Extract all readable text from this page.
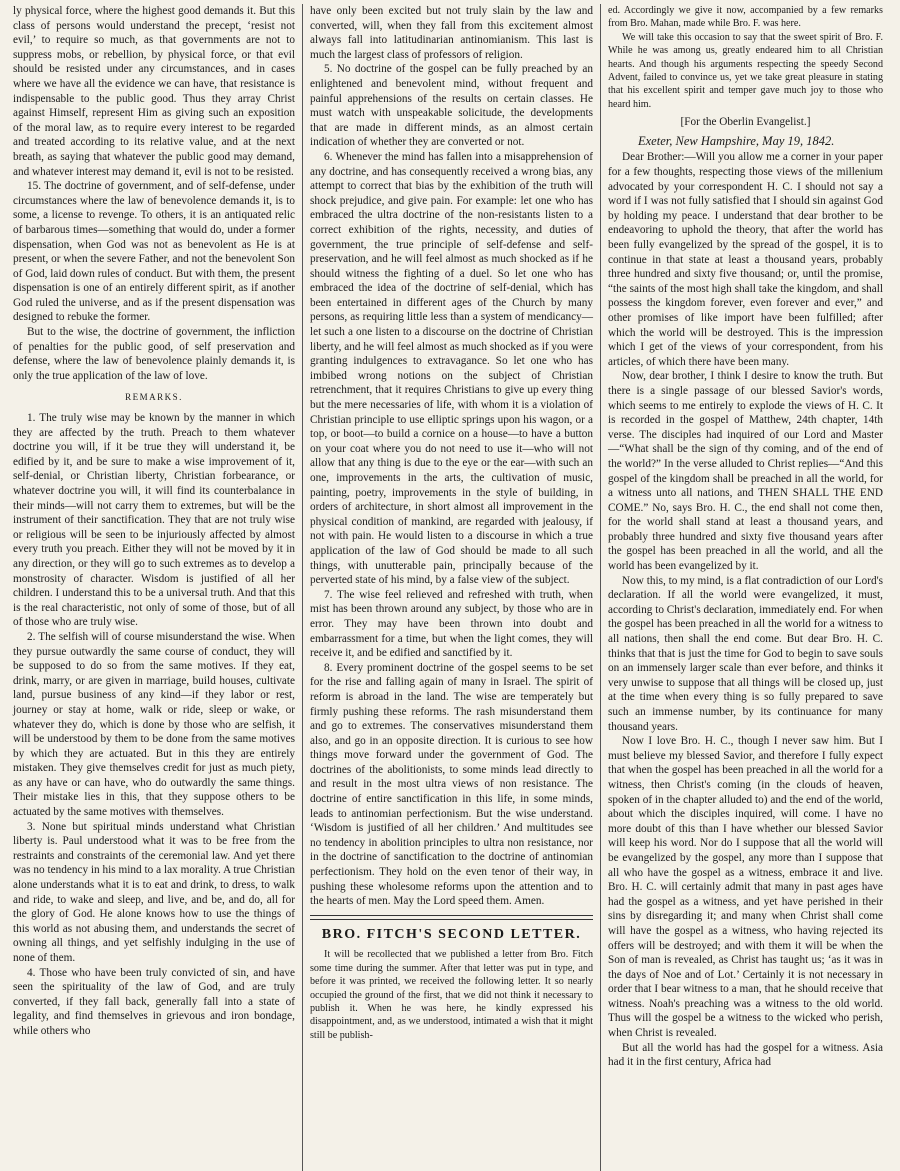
ly physical force, where the highest good demands it. But this class of persons would understand the precept, ‘resist not evil,’ to require so much, as that governments are not to suppress mobs, or rebellion, by physical force, or that evil should be resisted under any circumstances, and in cases where we have all the evidence we can have, that resistance is indispensable to the public good. Thus they array Christ against Himself, represent Him as giving such an exposition of the moral law, as to require every interest to be regarded and treated according to its relative value, and at the next breath, as saying that whatever the public good may demand, and whatever interest may demand it, evil is not to be resisted.

15. The doctrine of government, and of self-defense, under circumstances where the law of benevolence demands it, is to some, a license to revenge. To others, it is an antiquated relic of barbarous times—something that would do, under a former dispensation, when God was not as benevolent as He is at present, or when the severe Father, and not the benevolent Son of God, laid down rules of conduct. But with them, the present dispensation is one of an entirely different spirit, as if another God ruled the universe, and as if the present dispensation was designed to rebuke the former.

But to the wise, the doctrine of government, the infliction of penalties for the public good, of self preservation and defense, where the law of benevolence plainly demands it, is only the true application of the law of love.

REMARKS.

1. The truly wise may be known by the manner in which they are affected by the truth. Preach to them whatever doctrine you will, if it be true they will understand it, be edified by it, and be sure to make a wise improvement of it, self-denial, or Christian liberty, Christian forbearance, or whatever doctrine you will, it will find its counterbalance in their minds—will not carry them to extremes, but will be the instrument of their sanctification. They that are not truly wise or religious will be seen to be injuriously affected by almost every truth you preach. Either they will not be moved by it in any direction, or they will go to such extremes as to develop a monstrosity of character. Wisdom is justified of all her children. I understand this to be a universal truth. And that this is the real characteristic, not only of some of those, but of all of those who are truly wise.

2. The selfish will of course misunderstand the wise. When they pursue outwardly the same course of conduct, they will be supposed to do so from the same motives. If they eat, drink, marry, or are given in marriage, build houses, cultivate land, pursue business of any kind—if they labor or rest, journey or stay at home, walk or ride, sleep or wake, or whatever they do, which is done by those who are selfish, it will be understood by them to be done from the same motives by which they are actuated. But in this they are entirely mistaken. They give themselves credit for just as much piety, as any have or can have, who do outwardly the same things. Their mistake lies in this, that they suppose others to be actuated by the same motives with themselves.

3. None but spiritual minds understand what Christian liberty is. Paul understood what it was to be free from the restraints and constraints of the ceremonial law. And yet there was no tendency in his mind to a lax morality. A true Christian alone understands what it is to eat and drink, to dress, to walk and ride, to wake and sleep, and live, and be, and do, all for the glory of God. He alone knows how to use the things of this world as not abusing them, and understands the secret of owning all things, and yet selfishly indulging in the use of none of them.

4. Those who have been truly convicted of sin, and have seen the spirituality of the law of God, and are truly converted, if they fall back, generally fall into a state of legality, and find themselves in grievous and iron bondage, while others who

have only been excited but not truly slain by the law and converted, will, when they fall from this excitement almost always fall into latitudinarian antinomianism. This last is much the largest class of professors of religion.

5. No doctrine of the gospel can be fully preached by an enlightened and benevolent mind, without frequent and painful apprehensions of the results on certain classes. He must watch with unspeakable solicitude, the developments that are made in different minds, as an almost certain indication of whether they are converted or not.

6. Whenever the mind has fallen into a misapprehension of any doctrine, and has consequently received a wrong bias, any attempt to correct that bias by the exhibition of the truth will shock prejudice, and give pain. For example: let one who has embraced the ultra doctrine of the non-resistants listen to a correct exhibition of the rights, necessity, and duties of government, the true principle of self-defense and self-preservation, and he will feel almost as much shocked as if he should witness the fighting of a duel. So let one who has embraced the idea of the doctrine of self-denial, which has been entertained in different ages of the Church by many persons, as requiring little less than a system of mendicancy—let such a one listen to a discourse on the doctrine of Christian liberty, and he will feel almost as much shocked as if you were granting indulgences to extravagance. So let one who has imbibed wrong notions on the subject of Christian retrenchment, that it requires Christians to give up every thing but the mere necessaries of life, with whom it is a violation of Christian principle to use elliptic springs upon his wagon, or a top, or boot—to build a cornice on a house—to have a button on your coat where you do not need to use it—who will not allow that any thing is due to the eye or the ear—with such an one, improvements in the arts, the cultivation of music, painting, poetry, improvements in the style of building, in orders of architecture, in short almost all improvement in the physical condition of mankind, are regarded with jealousy, if not with pain. He would listen to a discourse in which a true application of the law of God should be made to all such things, with unutterable pain, principally because of the perverted state of his mind, by a false view of the subject.

7. The wise feel relieved and refreshed with truth, when mist has been thrown around any subject, by those who are in error. They may have been thrown into doubt and embarrassment for a time, but when the light comes, they will receive it, and be edified and sanctified by it.

8. Every prominent doctrine of the gospel seems to be set for the rise and falling again of many in Israel. The spirit of reform is abroad in the land. The wise are temperately but firmly pushing these reforms. The rash misunderstand them and go to extremes. The conservatives misunderstand them also, and go in an opposite direction. It is curious to see how things move forward under the government of God. The doctrines of the abolitionists, to some minds lead directly to and result in the most ultra views of non resistance. The doctrine of entire sanctification in this life, in some minds, leads to antinomian perfectionism. But the wise understand. ‘Wisdom is justified of all her children.’ And multitudes see no tendency in abolition principles to ultra non resistance, nor in the doctrine of sanctification to the doctrine of antinomian perfectionism. They hold on the even tenor of their way, in pushing these wholesome reforms upon the attention and to the hearts of men. May the Lord speed them. Amen.

BRO. FITCH'S SECOND LETTER.

It will be recollected that we published a letter from Bro. Fitch some time during the summer. After that letter was put in type, and before it was printed, we received the following letter. It so nearly occupied the ground of the first, that we did not think it necessary to publish it. When he was here, he kindly expressed his disappointment, and, as we understood, intimated a wish that it might still be publish-

ed. Accordingly we give it now, accompanied by a few remarks from Bro. Mahan, made while Bro. F. was here.

We will take this occasion to say that the sweet spirit of Bro. F. While he was among us, greatly endeared him to all Christian hearts. And though his arguments respecting the speedy Second Advent, failed to convince us, yet we take great pleasure in stating that his excellent spirit and temper gave much joy to those who heard him.

[For the Oberlin Evangelist.]

Exeter, New Hampshire, May 19, 1842.

Dear Brother:—Will you allow me a corner in your paper for a few thoughts, respecting those views of the millenium advocated by your correspondent H. C. I should not say a word if I was not fully satisfied that I should sin against God by holding my peace. I understand that dear brother to be endeavoring to uphold the theory, that after the world has been fully evangelized by the spread of the gospel, it is to continue in that state at least a thousand years, probably three hundred and sixty five thousand; or, until the promise, “the saints of the most high shall take the kingdom, and shall possess the kingdom forever, even forever and ever,” and other promises of like import have been fulfilled; after which the world will be destroyed. This is the impression which I get of the views of your correspondent, from his articles, of which there have been many.

Now, dear brother, I think I desire to know the truth. But there is a single passage of our blessed Savior's words, which seems to me entirely to explode the views of H. C. It is recorded in the gospel of Matthew, 24th chapter, 14th verse. The disciples had inquired of our Lord and Master—“What shall be the sign of thy coming, and of the end of the world?” In the verse alluded to Christ replies—“And this gospel of the kingdom shall be preached in all the world, for a witness unto all nations, and THEN SHALL THE END COME.” No, says Bro. H. C., the end shall not come then, for the world shall stand at least a thousand years, and probably three hundred and sixty five thousand years after the gospel has been preached in all the world, and all the world has been evangelized by it.

Now this, to my mind, is a flat contradiction of our Lord's declaration. If all the world were evangelized, it must, according to Christ's declaration, immediately end. For when the gospel has been preached in all the world for a witness to all nations, then shall the end come. But dear Bro. H. C. thinks that that is just the time for God to begin to save souls on an immensely larger scale than ever before, and thinks it very unwise to suppose that all things will be closed up, just at the time when every thing is so fully prepared to save such an immense number, by its continuance for many thousand years.

Now I love Bro. H. C., though I never saw him. But I must believe my blessed Savior, and therefore I fully expect that when the gospel has been preached in all the world for a witness, then Christ's coming (in the clouds of heaven, spoken of in the chapter alluded to) and the end of the world, about which the disciples inquired, will come. I have no more doubt of this than I have whether our blessed Savior will keep his word. Nor do I suppose that all the world will be evangelized by the gospel, any more than I suppose that all who have the gospel as a witness, embrace it and live. Bro. H. C. will certainly admit that many in past ages have had the gospel as a witness, and yet have perished in their sins by disregarding it; and many when Christ shall come will have the gospel as a witness, who having rejected its offers will be destroyed; and with them it will be when the Son of man is revealed, as Christ has taught us; ‘as it was in the days of Noe and of Lot.’ Certainly it is not necessary in order that I bear witness to a man, that he should receive that witness. Noah's preaching was a witness to the old world. Thus will the gospel be a witness to the wicked who perish, when Christ is revealed.

But all the world has had the gospel for a witness. Asia had it in the first century, Africa had
